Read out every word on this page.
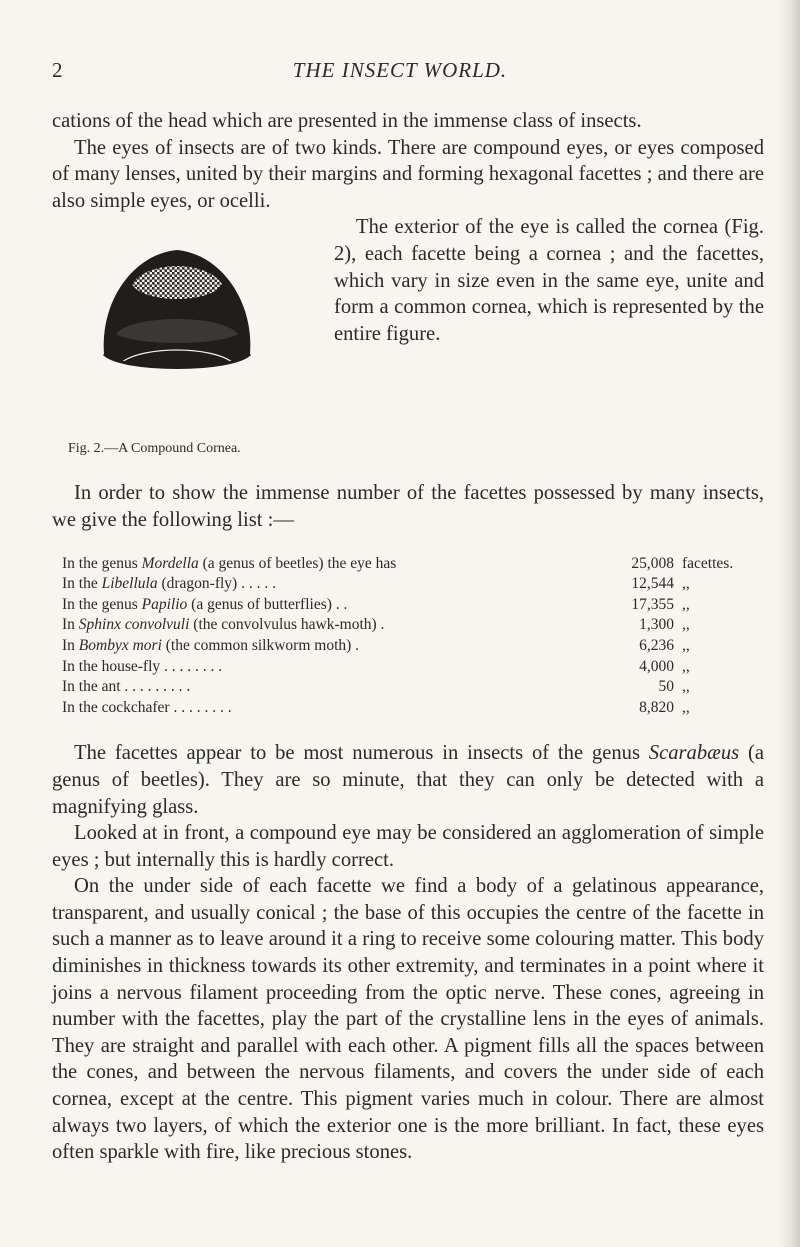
2	THE INSECT WORLD.

cations of the head which are presented in the immense class of insects.

The eyes of insects are of two kinds. There are compound eyes, or eyes composed of many lenses, united by their margins and forming hexagonal facettes ; and there are also simple eyes, or ocelli.

Fig. 2.—A Compound Cornea.
The exterior of the eye is called the cornea (Fig. 2), each facette being a cornea ; and the facettes, which vary in size even in the same eye, unite and form a common cornea, which is represented by the entire figure.

In order to show the immense number of the facettes possessed by many insects, we give the following list :—

In the genus Mordella (a genus of beetles) the eye has	25,008	facettes.
In the Libellula (dragon-fly) . . . . .	12,544	,,
In the genus Papilio (a genus of butterflies) . .	17,355	,,
In Sphinx convolvuli (the convolvulus hawk-moth) .	1,300	,,
In Bombyx mori (the common silkworm moth) .	6,236	,,
In the house-fly . . . . . . . .	4,000	,,
In the ant . . . . . . . . .	50	,,
In the cockchafer . . . . . . . .	8,820	,,

The facettes appear to be most numerous in insects of the genus Scarabæus (a genus of beetles). They are so minute, that they can only be detected with a magnifying glass.

Looked at in front, a compound eye may be considered an agglomeration of simple eyes ; but internally this is hardly correct.

On the under side of each facette we find a body of a gelatinous appearance, transparent, and usually conical ; the base of this occupies the centre of the facette in such a manner as to leave around it a ring to receive some colouring matter. This body diminishes in thickness towards its other extremity, and terminates in a point where it joins a nervous filament proceeding from the optic nerve. These cones, agreeing in number with the facettes, play the part of the crystalline lens in the eyes of animals. They are straight and parallel with each other. A pigment fills all the spaces between the cones, and between the nervous filaments, and covers the under side of each cornea, except at the centre. This pigment varies much in colour. There are almost always two layers, of which the exterior one is the more brilliant. In fact, these eyes often sparkle with fire, like precious stones.
